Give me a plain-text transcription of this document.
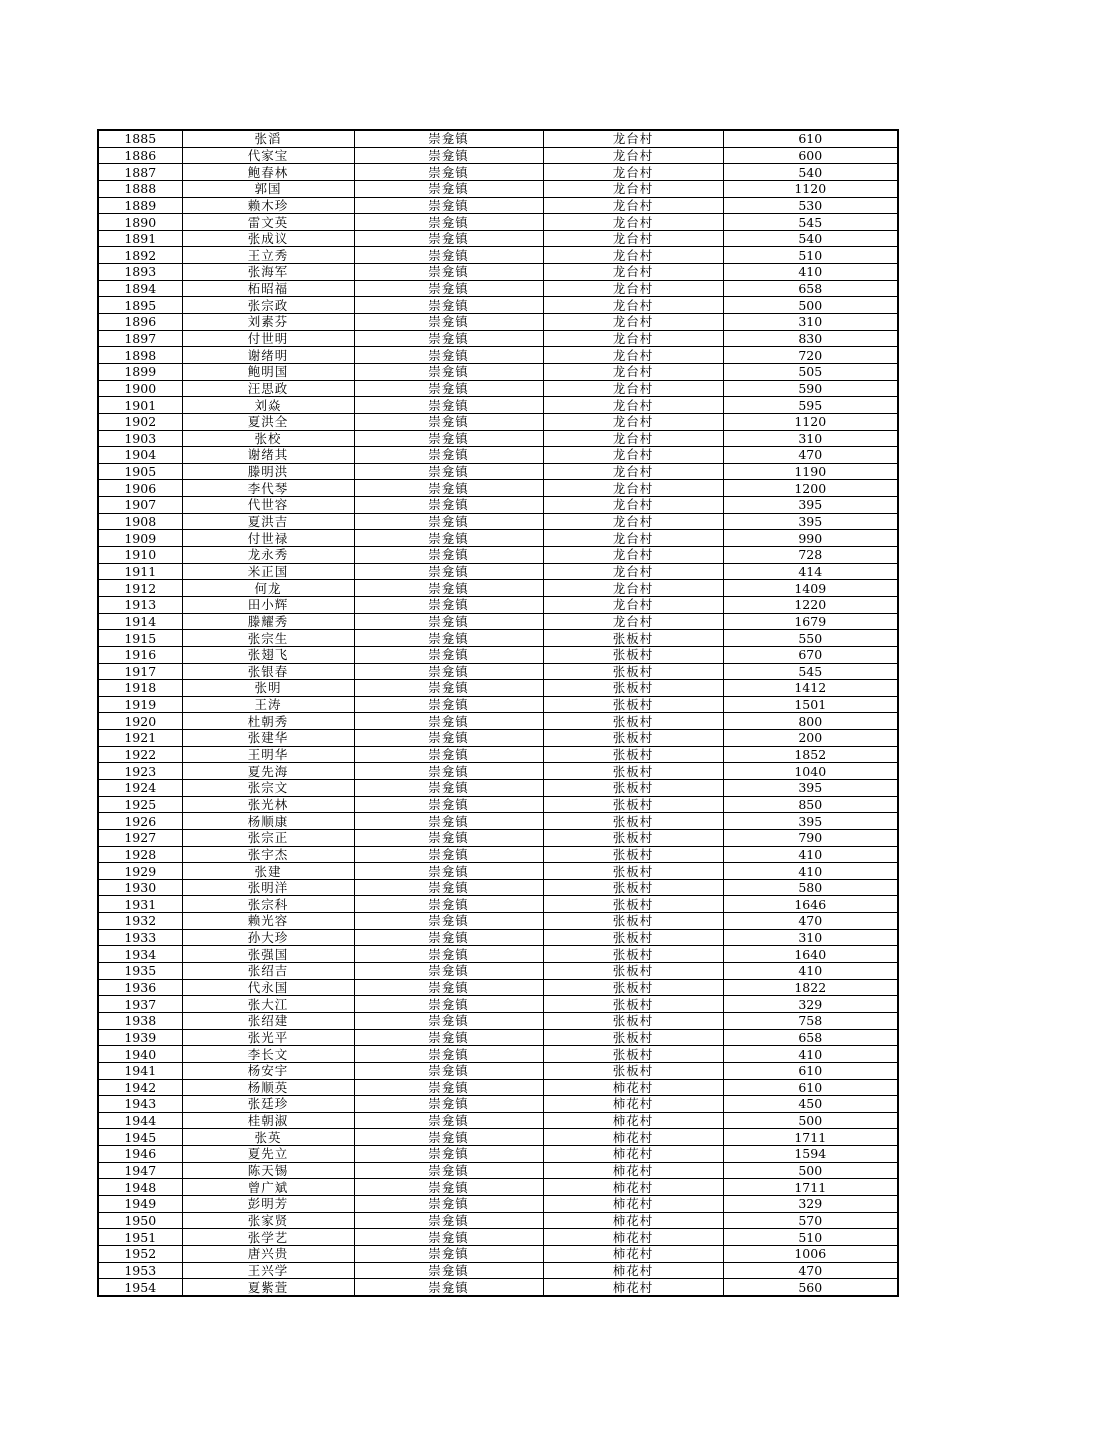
1885	张滔	崇龛镇	龙台村	610
1886	代家宝	崇龛镇	龙台村	600
1887	鲍春林	崇龛镇	龙台村	540
1888	郭国	崇龛镇	龙台村	1120
1889	赖木珍	崇龛镇	龙台村	530
1890	雷文英	崇龛镇	龙台村	545
1891	张成议	崇龛镇	龙台村	540
1892	王立秀	崇龛镇	龙台村	510
1893	张海军	崇龛镇	龙台村	410
1894	柘昭福	崇龛镇	龙台村	658
1895	张宗政	崇龛镇	龙台村	500
1896	刘素芬	崇龛镇	龙台村	310
1897	付世明	崇龛镇	龙台村	830
1898	谢绪明	崇龛镇	龙台村	720
1899	鲍明国	崇龛镇	龙台村	505
1900	汪思政	崇龛镇	龙台村	590
1901	刘焱	崇龛镇	龙台村	595
1902	夏洪全	崇龛镇	龙台村	1120
1903	张校	崇龛镇	龙台村	310
1904	谢绪其	崇龛镇	龙台村	470
1905	滕明洪	崇龛镇	龙台村	1190
1906	李代琴	崇龛镇	龙台村	1200
1907	代世容	崇龛镇	龙台村	395
1908	夏洪吉	崇龛镇	龙台村	395
1909	付世禄	崇龛镇	龙台村	990
1910	龙永秀	崇龛镇	龙台村	728
1911	米正国	崇龛镇	龙台村	414
1912	何龙	崇龛镇	龙台村	1409
1913	田小辉	崇龛镇	龙台村	1220
1914	滕耀秀	崇龛镇	龙台村	1679
1915	张宗生	崇龛镇	张板村	550
1916	张翅飞	崇龛镇	张板村	670
1917	张银春	崇龛镇	张板村	545
1918	张明	崇龛镇	张板村	1412
1919	王涛	崇龛镇	张板村	1501
1920	杜朝秀	崇龛镇	张板村	800
1921	张建华	崇龛镇	张板村	200
1922	王明华	崇龛镇	张板村	1852
1923	夏先海	崇龛镇	张板村	1040
1924	张宗文	崇龛镇	张板村	395
1925	张光林	崇龛镇	张板村	850
1926	杨顺康	崇龛镇	张板村	395
1927	张宗正	崇龛镇	张板村	790
1928	张宇杰	崇龛镇	张板村	410
1929	张建	崇龛镇	张板村	410
1930	张明洋	崇龛镇	张板村	580
1931	张宗科	崇龛镇	张板村	1646
1932	赖光容	崇龛镇	张板村	470
1933	孙大珍	崇龛镇	张板村	310
1934	张强国	崇龛镇	张板村	1640
1935	张绍吉	崇龛镇	张板村	410
1936	代永国	崇龛镇	张板村	1822
1937	张大江	崇龛镇	张板村	329
1938	张绍建	崇龛镇	张板村	758
1939	张光平	崇龛镇	张板村	658
1940	李长文	崇龛镇	张板村	410
1941	杨安宇	崇龛镇	张板村	610
1942	杨顺英	崇龛镇	柿花村	610
1943	张廷珍	崇龛镇	柿花村	450
1944	桂朝淑	崇龛镇	柿花村	500
1945	张英	崇龛镇	柿花村	1711
1946	夏先立	崇龛镇	柿花村	1594
1947	陈天锡	崇龛镇	柿花村	500
1948	曾广斌	崇龛镇	柿花村	1711
1949	彭明芳	崇龛镇	柿花村	329
1950	张家贤	崇龛镇	柿花村	570
1951	张学艺	崇龛镇	柿花村	510
1952	唐兴贵	崇龛镇	柿花村	1006
1953	王兴学	崇龛镇	柿花村	470
1954	夏紫萱	崇龛镇	柿花村	560
